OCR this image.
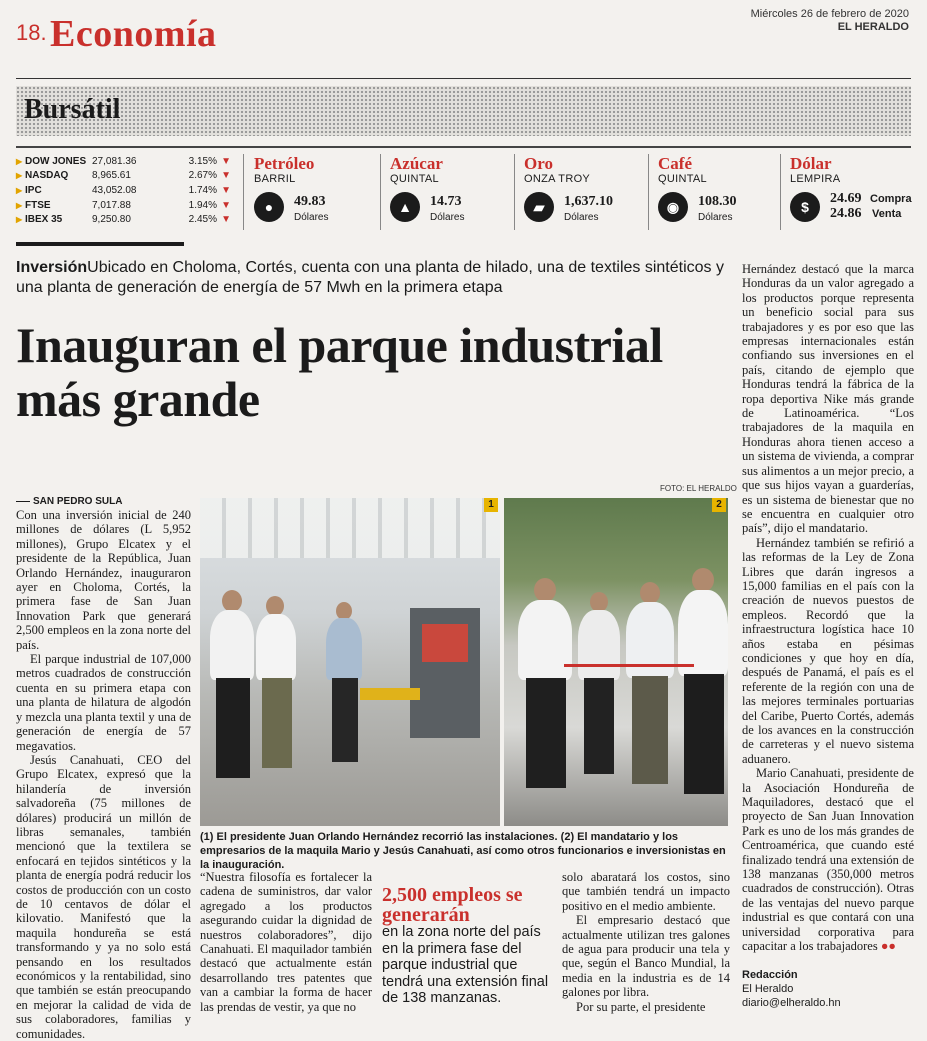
18. Economía	Miércoles 26 de febrero de 2020
EL HERALDO
Bursátil
▶ DOW JONES 27,081.36	3.15% ▼
▶ NASDAQ	8,965.61	2.67% ▼
▶ IPC	43,052.08	1.74% ▼
▶ FTSE	7,017.88	1.94% ▼
▶ IBEX 35	9,250.80	2.45% ▼
Petróleo
BARRIL
●	49.83
Dólares
Azúcar
QUINTAL
▲	14.73
Dólares
Oro
ONZA TROY
▰	1,637.10
Dólares
Café
QUINTAL
◉	108.30
Dólares
Dólar
LEMPIRA
$
24.69
24.86
Compra
Venta
InversiónUbicado en Choloma, Cortés, cuenta con una planta de hilado, una de textiles sintéticos y una planta de generación de energía de 57 Mwh en la primera etapa
Inauguran el parque industrial más grande
SAN PEDRO SULA

Con una inversión inicial de 240 millones de dólares (L 5,952 millones), Grupo Elcatex y el presidente de la República, Juan Orlando Hernández, inauguraron ayer en Choloma, Cortés, la primera fase de San Juan Innovation Park que generará 2,500 empleos en la zona norte del país.

El parque industrial de 107,000 metros cuadrados de construcción cuenta en su primera etapa con una planta de hilatura de algodón y mezcla una planta textil y una de generación de energía de 57 megavatios.

Jesús Canahuati, CEO del Grupo Elcatex, expresó que la hilandería de inversión salvadoreña (75 millones de dólares) producirá un millón de libras semanales, también mencionó que la textilera se enfocará en tejidos sintéticos y la planta de energía podrá reducir los costos de producción con un costo de 10 centavos de dólar el kilovatio. Manifestó que la maquila hondureña se está transformando y ya no solo está pensando en los resultados económicos y la rentabilidad, sino que también se están preocupando en mejorar la calidad de vida de sus colaboradores, familias y comunidades.

FOTO: EL HERALDO
1	2
(1) El presidente Juan Orlando Hernández recorrió las instalaciones. (2) El mandatario y los empresarios de la maquila Mario y Jesús Canahuati, así como otros funcionarios e inversionistas en la inauguración.

“Nuestra filosofía es fortalecer la cadena de suministros, dar valor agregado a los productos asegurando cuidar la dignidad de nuestros colaboradores”, dijo Canahuati. El maquilador también destacó que actualmente están desarrollando tres patentes que van a cambiar la forma de hacer las prendas de vestir, ya que no

2,500 empleos se generarán
en la zona norte del país en la primera fase del parque industrial que tendrá una extensión final de 138 manzanas.

solo abaratará los costos, sino que también tendrá un impacto positivo en el medio ambiente.

El empresario destacó que actualmente utilizan tres galones de agua para producir una tela y que, según el Banco Mundial, la media en la industria es de 14 galones por libra.

Por su parte, el presidente

Hernández destacó que la marca Honduras da un valor agregado a los productos porque representa un beneficio social para sus trabajadores y es por eso que las empresas internacionales están confiando sus inversiones en el país, citando de ejemplo que Honduras tendrá la fábrica de la ropa deportiva Nike más grande de Latinoamérica. “Los trabajadores de la maquila en Honduras ahora tienen acceso a un sistema de vivienda, a comprar sus alimentos a un mejor precio, a que sus hijos vayan a guarderías, es un sistema de bienestar que no se encuentra en cualquier otro país”, dijo el mandatario.

Hernández también se refirió a las reformas de la Ley de Zona Libres que darán ingresos a 15,000 familias en el país con la creación de nuevos puestos de empleos. Recordó que la infraestructura logística hace 10 años estaba en pésimas condiciones y que hoy en día, después de Panamá, el país es el referente de la región con una de las mejores terminales portuarias del Caribe, Puerto Cortés, además de los avances en la construcción de carreteras y el nuevo sistema aduanero.

Mario Canahuati, presidente de la Asociación Hondureña de Maquiladores, destacó que el proyecto de San Juan Innovation Park es uno de los más grandes de Centroamérica, que cuando esté finalizado tendrá una extensión de 138 manzanas (350,000 metros cuadrados de construcción). Otras de las ventajas del nuevo parque industrial es que contará con una universidad corporativa para capacitar a los trabajadores ●●

Redacción
El Heraldo
diario@elheraldo.hn
